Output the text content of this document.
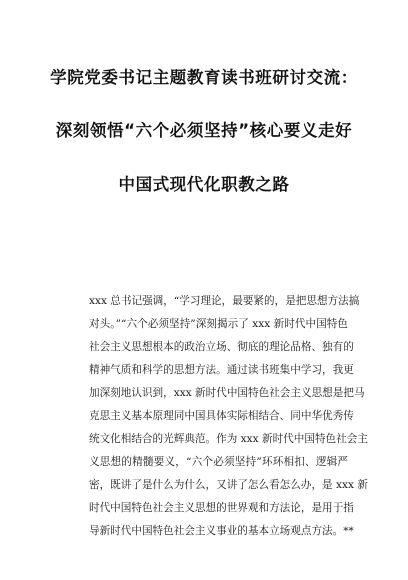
学院党委书记主题教育读书班研讨交流：
深刻领悟“六个必须坚持”核心要义走好
中国式现代化职教之路
xxx 总书记强调，“学习理论，最要紧的，是把思想方法搞
对头。”“六个必须坚持”深刻揭示了 xxx 新时代中国特色
社会主义思想根本的政治立场、彻底的理论品格、独有的
精神气质和科学的思想方法。通过读书班集中学习，我更
加深刻地认识到，xxx 新时代中国特色社会主义思想是把马
克思主义基本原理同中国具体实际相结合、同中华优秀传
统文化相结合的光辉典范。作为 xxx 新时代中国特色社会主
义思想的精髓要义，“六个必须坚持”环环相扣、逻辑严
密，既讲了是什么为什么，又讲了怎么看怎么办，是 xxx 新
时代中国特色社会主义思想的世界观和方法论，是用于指
导新时代中国特色社会主义事业的基本立场观点方法。**
